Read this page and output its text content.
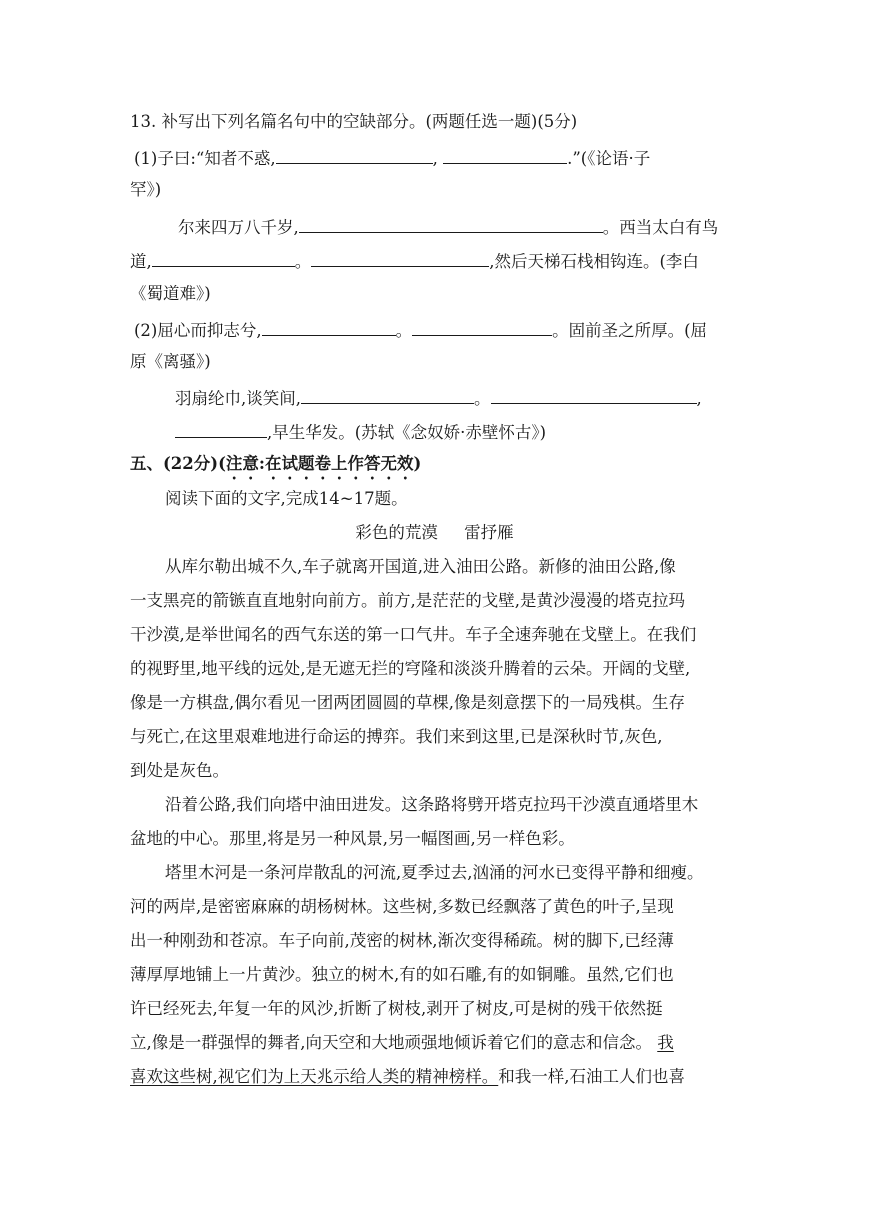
13. 补写出下列名篇名句中的空缺部分。(两题任选一题)(5分)
(1)子曰:“知者不惑,	,	.”(《论语·子
罕》)
尔来四万八千岁,	。西当太白有鸟
道,	。	,然后天梯石栈相钩连。(李白
《蜀道难》)
(2)屈心而抑志兮,	。	。固前圣之所厚。(屈
原《离骚》)
羽扇纶巾,谈笑间,	。	,
,早生华发。(苏轼《念奴娇·赤壁怀古》)
五、(22分)(注意:在试题卷上作答无效)
阅读下面的文字,完成14~17题。
彩色的荒漠 雷抒雁
从库尔勒出城不久,车子就离开国道,进入油田公路。新修的油田公路,像
一支黑亮的箭镞直直地射向前方。前方,是茫茫的戈壁,是黄沙漫漫的塔克拉玛
干沙漠,是举世闻名的西气东送的第一口气井。车子全速奔驰在戈壁上。在我们
的视野里,地平线的远处,是无遮无拦的穹隆和淡淡升腾着的云朵。开阔的戈壁,
像是一方棋盘,偶尔看见一团两团圆圆的草棵,像是刻意摆下的一局残棋。生存
与死亡,在这里艰难地进行命运的搏弈。我们来到这里,已是深秋时节,灰色,
到处是灰色。
沿着公路,我们向塔中油田进发。这条路将劈开塔克拉玛干沙漠直通塔里木
盆地的中心。那里,将是另一种风景,另一幅图画,另一样色彩。
塔里木河是一条河岸散乱的河流,夏季过去,汹涌的河水已变得平静和细瘦。
河的两岸,是密密麻麻的胡杨树林。这些树,多数已经飘落了黄色的叶子,呈现
出一种刚劲和苍凉。车子向前,茂密的树林,渐次变得稀疏。树的脚下,已经薄
薄厚厚地铺上一片黄沙。独立的树木,有的如石雕,有的如铜雕。虽然,它们也
许已经死去,年复一年的风沙,折断了树枝,剥开了树皮,可是树的残干依然挺
立,像是一群强悍的舞者,向天空和大地顽强地倾诉着它们的意志和信念。 我
喜欢这些树,视它们为上天兆示给人类的精神榜样。和我一样,石油工人们也喜
